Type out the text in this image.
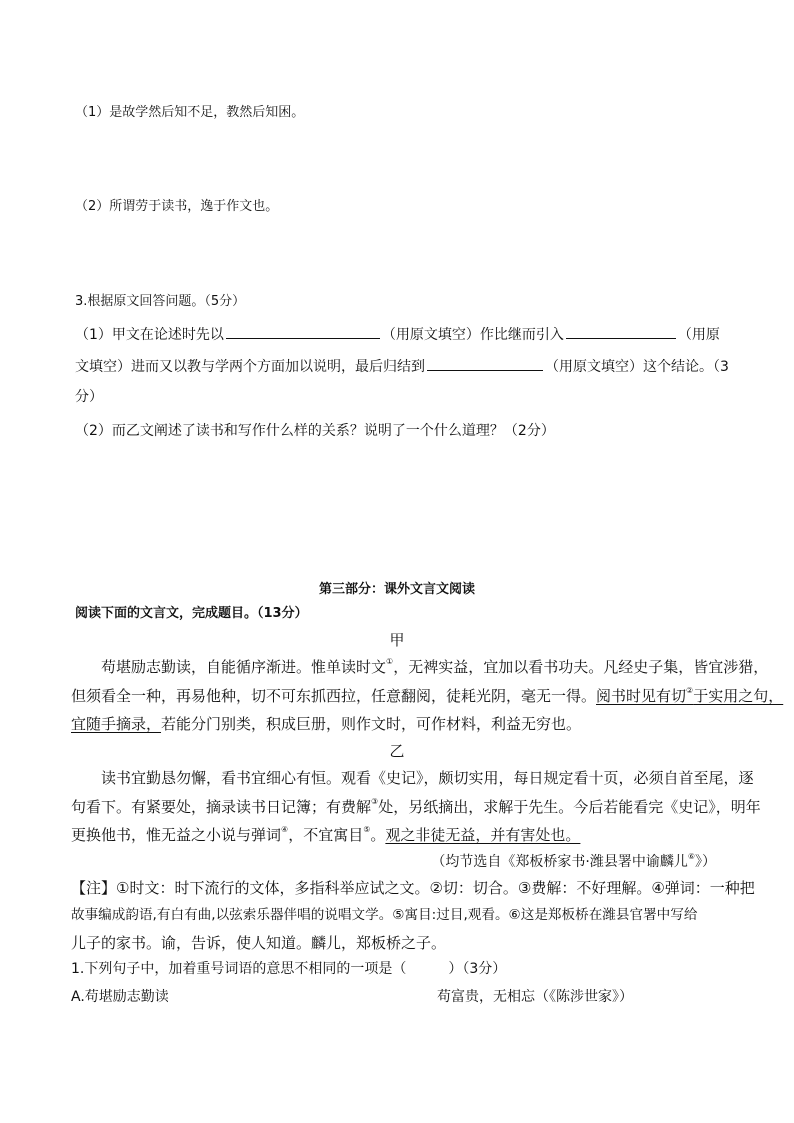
（1）是故学然后知不足，教然后知困。
（2）所谓劳于读书，逸于作文也。
3.根据原文回答问题。（5分）
（1）甲文在论述时先以	（用原文填空）作比继而引入	（用原
文填空）进而又以教与学两个方面加以说明，最后归结到	（用原文填空）这个结论。（3
分）
（2）而乙文阐述了读书和写作什么样的关系？说明了一个什么道理？（2分）
第三部分：课外文言文阅读
阅读下面的文言文，完成题目。（13分）
甲
苟堪励志勤读，自能循序渐进。惟单读时文①，无裨实益，宜加以看书功夫。凡经史子集，皆宜涉猎，
但须看全一种，再易他种，切不可东抓西拉，任意翻阅，徒耗光阴，毫无一得。阅书时见有切②于实用之句，
宜随手摘录，若能分门别类，积成巨册，则作文时，可作材料，利益无穷也。
乙
读书宜勤恳勿懈，看书宜细心有恒。观看《史记》，颇切实用，每日规定看十页，必须自首至尾，逐
句看下。有紧要处，摘录读书日记簿；有费解③处，另纸摘出，求解于先生。今后若能看完《史记》，明年
更换他书，惟无益之小说与弹词④，不宜寓目⑤。观之非徒无益，并有害处也。
（均节选自《郑板桥家书·潍县署中谕麟儿⑥》）
【注】①时文：时下流行的文体，多指科举应试之文。②切：切合。③费解：不好理解。④弹词：一种把
故事编成韵语,有白有曲,以弦索乐器伴唱的说唱文学。⑤寓目:过目,观看。⑥这是郑板桥在潍县官署中写给
儿子的家书。谕，告诉，使人知道。麟儿，郑板桥之子。
1.下列句子中，加着重号词语的意思不相同的一项是（　　　）（3分）
A.苟堪励志勤读	苟富贵，无相忘（《陈涉世家》）
